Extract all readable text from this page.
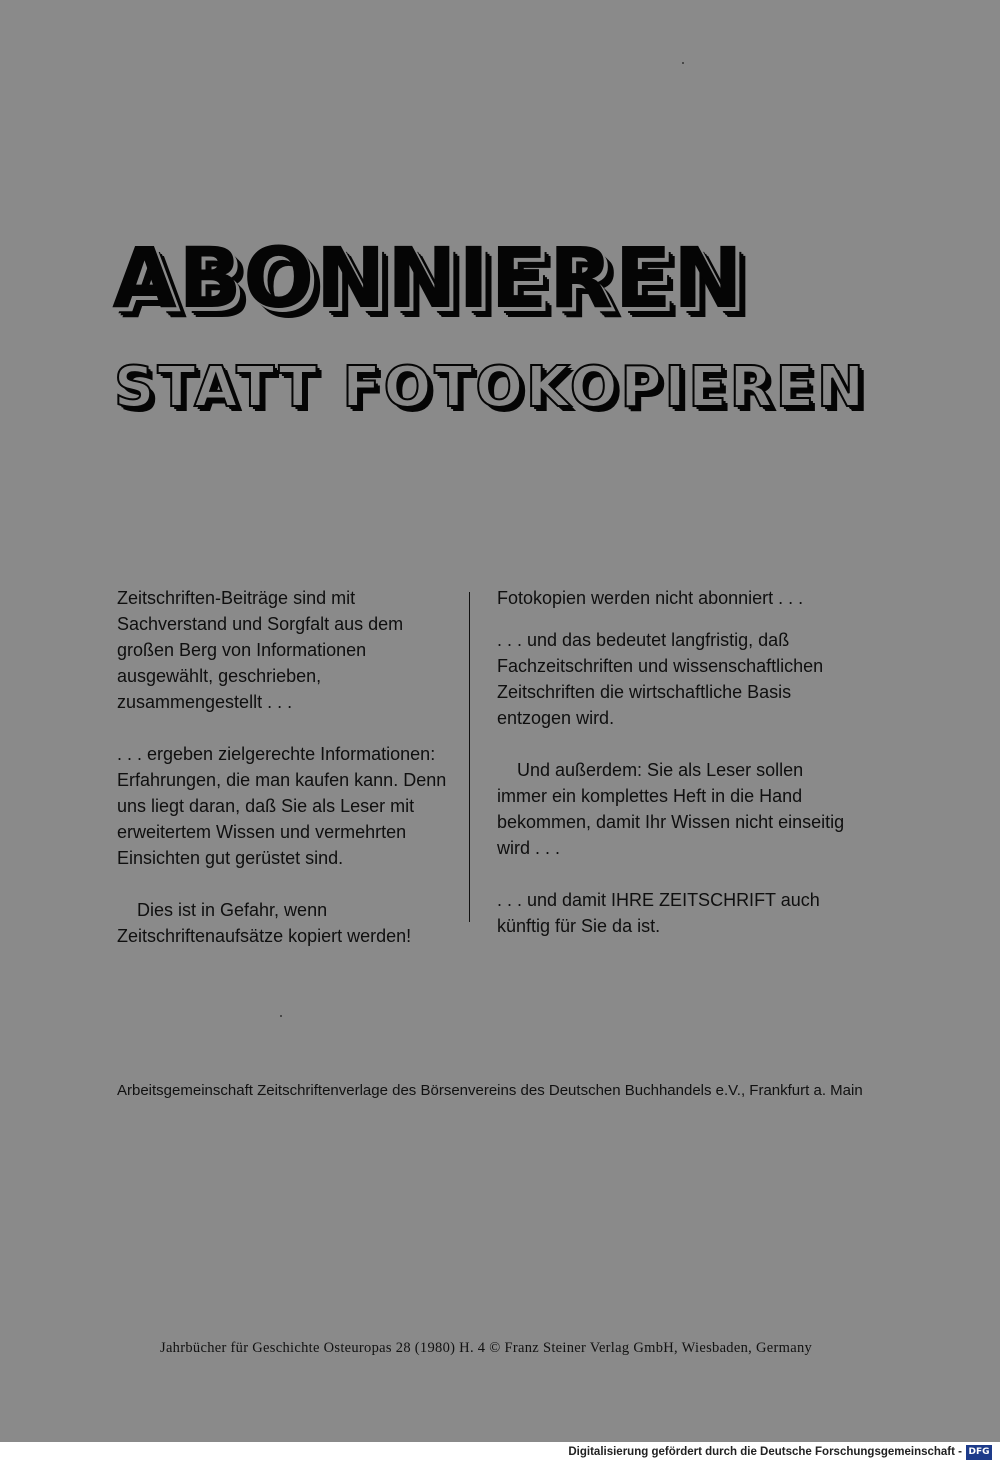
ABONNIEREN
STATT FOTOKOPIEREN

Zeitschriften-Beiträge sind mit Sachverstand und Sorgfalt aus dem großen Berg von Informationen ausgewählt, geschrieben, zusammengestellt . . .

. . . ergeben zielgerechte Informationen: Erfahrungen, die man kaufen kann. Denn uns liegt daran, daß Sie als Leser mit erweitertem Wissen und vermehrten Einsichten gut gerüstet sind.

Dies ist in Gefahr, wenn Zeitschriftenaufsätze kopiert werden!

Fotokopien werden nicht abonniert . . .

. . . und das bedeutet langfristig, daß Fachzeitschriften und wissenschaftlichen Zeitschriften die wirtschaftliche Basis entzogen wird.

Und außerdem: Sie als Leser sollen immer ein komplettes Heft in die Hand bekommen, damit Ihr Wissen nicht einseitig wird . . .

. . . und damit IHRE ZEITSCHRIFT auch künftig für Sie da ist.

Arbeitsgemeinschaft Zeitschriftenverlage des Börsenvereins des Deutschen Buchhandels e.V., Frankfurt a. Main
Jahrbücher für Geschichte Osteuropas 28 (1980) H. 4 © Franz Steiner Verlag GmbH, Wiesbaden, Germany
Digitalisierung gefördert durch die Deutsche Forschungsgemeinschaft - DFG
